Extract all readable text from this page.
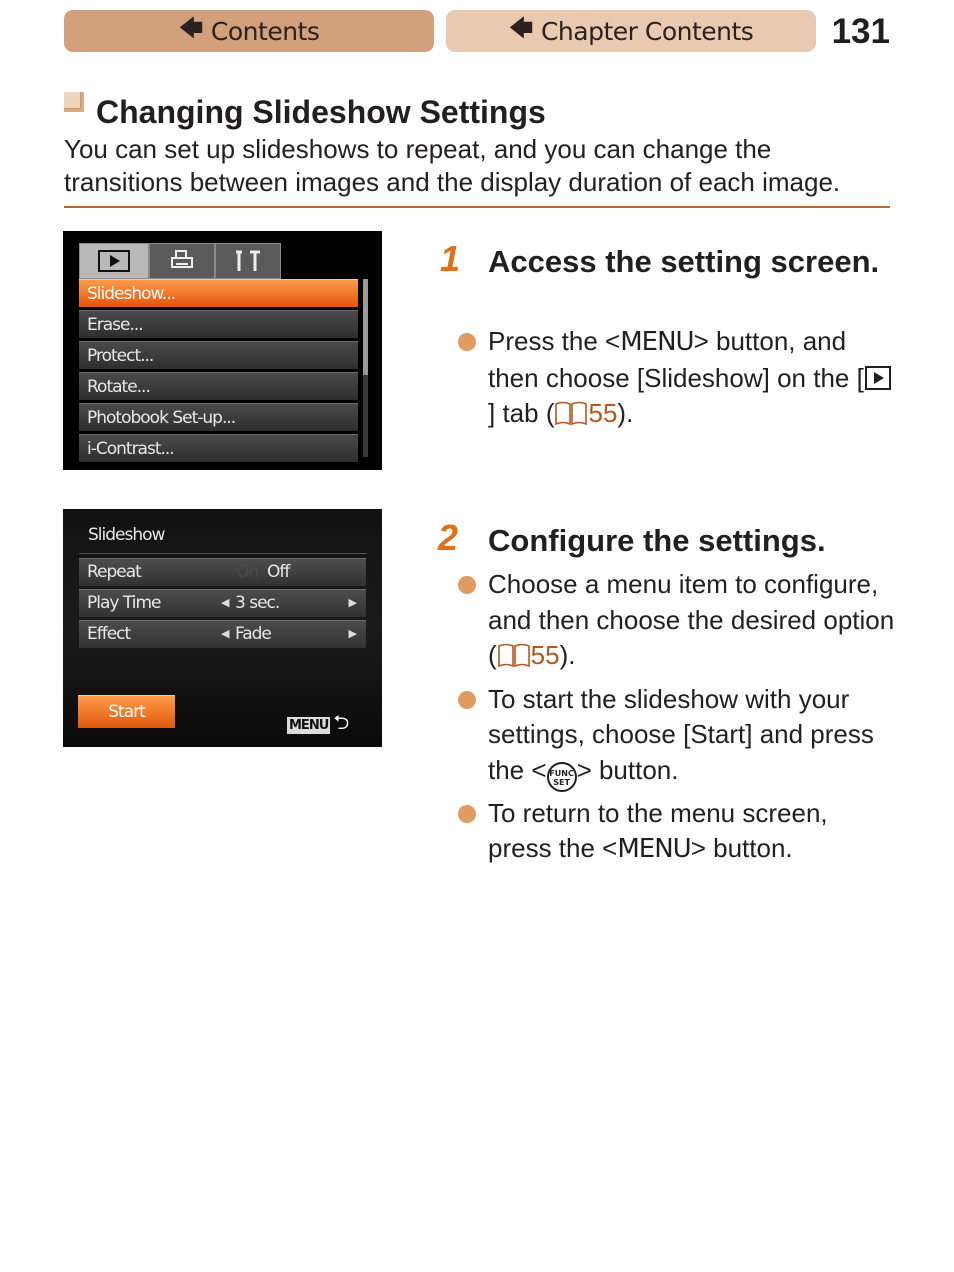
🡄 Contents	🡄 Chapter Contents 131
Changing Slideshow Settings

You can set up slideshows to repeat, and you can change the transitions between images and the display duration of each image.

Slideshow...
Erase...
Protect...
Rotate...
Photobook Set-up...
i-Contrast...
Slideshow
Repeat	On Off
Play Time	◀ 3 sec.	▶
Effect	◀ Fade	▶
Start
MENU ⮌
1 Access the setting screen.
Press the <MENU> button, and then choose [Slideshow] on the [] tab ( 55).
2 Configure the settings.
Choose a menu item to configure, and then choose the desired option ( 55).
To start the slideshow with your settings, choose [Start] and press the < FUNC
SET > button.
To return to the menu screen, press the <MENU> button.
